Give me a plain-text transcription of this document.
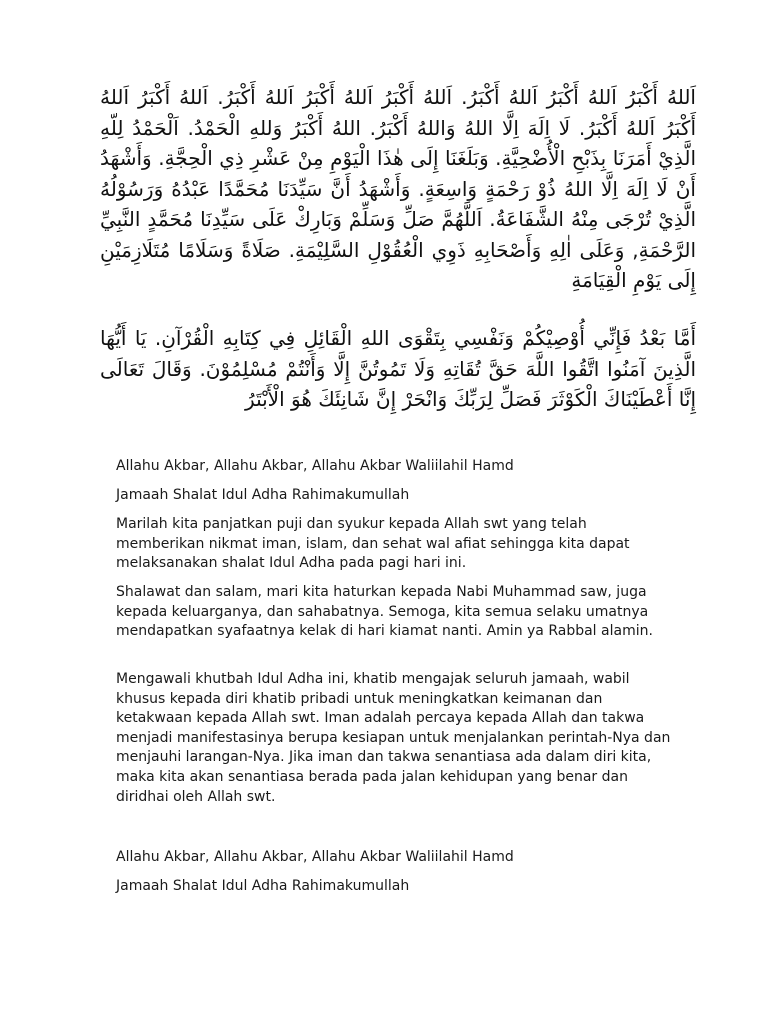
اَللهُ أَكْبَرُ اَللهُ أَكْبَرُ اَللهُ أَكْبَرُ. اَللهُ أَكْبَرُ اَللهُ أَكْبَرُ اَللهُ أَكْبَرُ. اَللهُ أَكْبَرُ اَللهُ أَكْبَرُ اَللهُ أَكْبَرُ. لَا اِلَهَ اِلَّا اللهُ وَاللهُ أَكْبَرُ. اللهُ أَكْبَرُ وَللهِ الْحَمْدُ. اَلْحَمْدُ لِلّهِ الَّذِيْ أَمَرَنَا بِذَبْحِ الْأُضْحِيَّةِ. وَبَلَغَنَا إِلَى هٰذَا الْيَوْمِ مِنْ عَشْرِ ذِي الْحِجَّةِ. وَأَشْهَدُ أَنْ لَا اِلَهَ اِلَّا اللهُ ذُوْ رَحْمَةٍ وَاسِعَةٍ. وَأَشْهَدُ أَنَّ سَيِّدَنَا مُحَمَّدًا عَبْدُهُ وَرَسُوْلُهُ الَّذِيْ تُرْجَى مِنْهُ الشَّفَاعَةُ. اَللَّهُمَّ صَلِّ وَسَلِّمْ وَبَارِكْ عَلَى سَيِّدِنَا مُحَمَّدٍ النَّبِيِّ الرَّحْمَةِ, وَعَلَى اٰلِهِ وَأَصْحَابِهِ ذَوِي الْعُقُوْلِ السَّلِيْمَةِ. صَلَاةً وَسَلَامًا مُتَلَازِمَيْنِ إِلَى يَوْمِ الْقِيَامَةِ
أَمَّا بَعْدُ فَإِنِّي أُوْصِيْكُمْ وَنَفْسِي بِتَقْوَى اللهِ الْقَائِلِ فِي كِتَابِهِ الْقُرْآنِ. يَا أَيُّهَا الَّذِينَ آمَنُوا اتَّقُوا اللَّهَ حَقَّ تُقَاتِهِ وَلَا تَمُوتُنَّ إِلَّا وَأَنْتُمْ مُسْلِمُوْنَ. وَقَالَ تَعَالَى إِنَّا أَعْطَيْنَاكَ الْكَوْثَرَ فَصَلِّ لِرَبِّكَ وَانْحَرْ إِنَّ شَانِئَكَ هُوَ الْأَبْتَرُ

Allahu Akbar, Allahu Akbar, Allahu Akbar Waliilahil Hamd

Jamaah Shalat Idul Adha Rahimakumullah

Marilah kita panjatkan puji dan syukur kepada Allah swt yang telah memberikan nikmat iman, islam, dan sehat wal afiat sehingga kita dapat melaksanakan shalat Idul Adha pada pagi hari ini.

Shalawat dan salam, mari kita haturkan kepada Nabi Muhammad saw, juga kepada keluarganya, dan sahabatnya. Semoga, kita semua selaku umatnya mendapatkan syafaatnya kelak di hari kiamat nanti. Amin ya Rabbal alamin.

Mengawali khutbah Idul Adha ini, khatib mengajak seluruh jamaah, wabil khusus kepada diri khatib pribadi untuk meningkatkan keimanan dan ketakwaan kepada Allah swt. Iman adalah percaya kepada Allah dan takwa menjadi manifestasinya berupa kesiapan untuk menjalankan perintah-Nya dan menjauhi larangan-Nya. Jika iman dan takwa senantiasa ada dalam diri kita, maka kita akan senantiasa berada pada jalan kehidupan yang benar dan diridhai oleh Allah swt.

Allahu Akbar, Allahu Akbar, Allahu Akbar Waliilahil Hamd

Jamaah Shalat Idul Adha Rahimakumullah
